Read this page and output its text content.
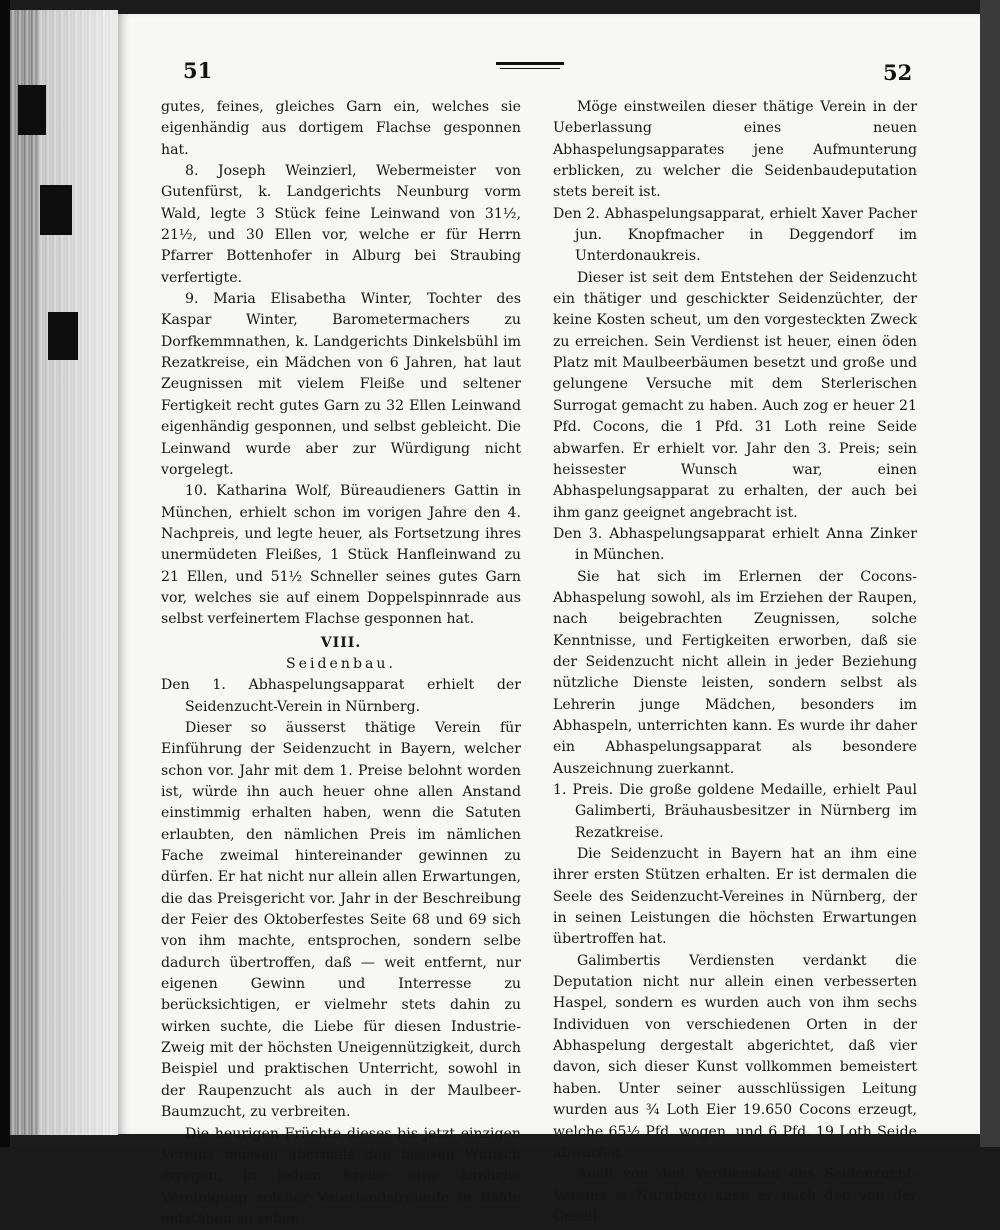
51	52

gutes, feines, gleiches Garn ein, welches sie eigenhändig aus dortigem Flachse gesponnen hat.

8. Joseph Weinzierl, Webermeister von Gutenfürst, k. Landgerichts Neunburg vorm Wald, legte 3 Stück feine Leinwand von 31½, 21½, und 30 Ellen vor, welche er für Herrn Pfarrer Bottenhofer in Alburg bei Straubing verfertigte.

9. Maria Elisabetha Winter, Tochter des Kaspar Winter, Barometermachers zu Dorfkemmnathen, k. Landgerichts Dinkelsbühl im Rezatkreise, ein Mädchen von 6 Jahren, hat laut Zeugnissen mit vielem Fleiße und seltener Fertigkeit recht gutes Garn zu 32 Ellen Leinwand eigenhändig gesponnen, und selbst gebleicht. Die Leinwand wurde aber zur Würdigung nicht vorgelegt.

10. Katharina Wolf, Büreaudieners Gattin in München, erhielt schon im vorigen Jahre den 4. Nachpreis, und legte heuer, als Fortsetzung ihres unermüdeten Fleißes, 1 Stück Hanfleinwand zu 21 Ellen, und 51½ Schneller seines gutes Garn vor, welches sie auf einem Doppelspinnrade aus selbst verfeinertem Flachse gesponnen hat.

VIII.

Seidenbau.

Den 1. Abhaspelungsapparat erhielt der Seidenzucht-Verein in Nürnberg.

Dieser so äusserst thätige Verein für Einführung der Seidenzucht in Bayern, welcher schon vor. Jahr mit dem 1. Preise belohnt worden ist, würde ihn auch heuer ohne allen Anstand einstimmig erhalten haben, wenn die Satuten erlaubten, den nämlichen Preis im nämlichen Fache zweimal hintereinander gewinnen zu dürfen. Er hat nicht nur allein allen Erwartungen, die das Preisgericht vor. Jahr in der Beschreibung der Feier des Oktoberfestes Seite 68 und 69 sich von ihm machte, entsprochen, sondern selbe dadurch übertroffen, daß — weit entfernt, nur eigenen Gewinn und Interresse zu berücksichtigen, er vielmehr stets dahin zu wirken suchte, die Liebe für diesen Industrie-Zweig mit der höchsten Uneigennützigkeit, durch Beispiel und praktischen Unterricht, sowohl in der Raupenzucht als auch in der Maulbeer-Baumzucht, zu verbreiten.

Die heurigen Früchte dieses bis jetzt einzigen Vereins müssen abermals den heissen Wunsch erregen, in jedem Kreise eine ähnliche Vereinigung solcher Vaterlandsfreunde in Bälde entstehen zu sehen.

Möge einstweilen dieser thätige Verein in der Ueberlassung eines neuen Abhaspelungsapparates jene Aufmunterung erblicken, zu welcher die Seidenbaudeputation stets bereit ist.

Den 2. Abhaspelungsapparat, erhielt Xaver Pacher jun. Knopfmacher in Deggendorf im Unterdonaukreis.

Dieser ist seit dem Entstehen der Seidenzucht ein thätiger und geschickter Seidenzüchter, der keine Kosten scheut, um den vorgesteckten Zweck zu erreichen. Sein Verdienst ist heuer, einen öden Platz mit Maulbeerbäumen besetzt und große und gelungene Versuche mit dem Sterlerischen Surrogat gemacht zu haben. Auch zog er heuer 21 Pfd. Cocons, die 1 Pfd. 31 Loth reine Seide abwarfen. Er erhielt vor. Jahr den 3. Preis; sein heissester Wunsch war, einen Abhaspelungsapparat zu erhalten, der auch bei ihm ganz geeignet angebracht ist.

Den 3. Abhaspelungsapparat erhielt Anna Zinker in München.

Sie hat sich im Erlernen der Cocons-Abhaspelung sowohl, als im Erziehen der Raupen, nach beigebrachten Zeugnissen, solche Kenntnisse, und Fertigkeiten erworben, daß sie der Seidenzucht nicht allein in jeder Beziehung nützliche Dienste leisten, sondern selbst als Lehrerin junge Mädchen, besonders im Abhaspeln, unterrichten kann. Es wurde ihr daher ein Abhaspelungsapparat als besondere Auszeichnung zuerkannt.

1. Preis. Die große goldene Medaille, erhielt Paul Galimberti, Bräuhausbesitzer in Nürnberg im Rezatkreise.

Die Seidenzucht in Bayern hat an ihm eine ihrer ersten Stützen erhalten. Er ist dermalen die Seele des Seidenzucht-Vereines in Nürnberg, der in seinen Leistungen die höchsten Erwartungen übertroffen hat.

Galimbertis Verdiensten verdankt die Deputation nicht nur allein einen verbesserten Haspel, sondern es wurden auch von ihm sechs Individuen von verschiedenen Orten in der Abhaspelung dergestalt abgerichtet, daß vier davon, sich dieser Kunst vollkommen bemeistert haben. Unter seiner ausschlüssigen Leitung wurden aus ¾ Loth Eier 19.650 Cocons erzeugt, welche 65½ Pfd. wogen, und 6 Pfd. 19 Loth Seide abwarfen.

Auch von den Verdiensten des Seidenzucht-Vereins in Nürnberg kann er nach den von der Gesell-
